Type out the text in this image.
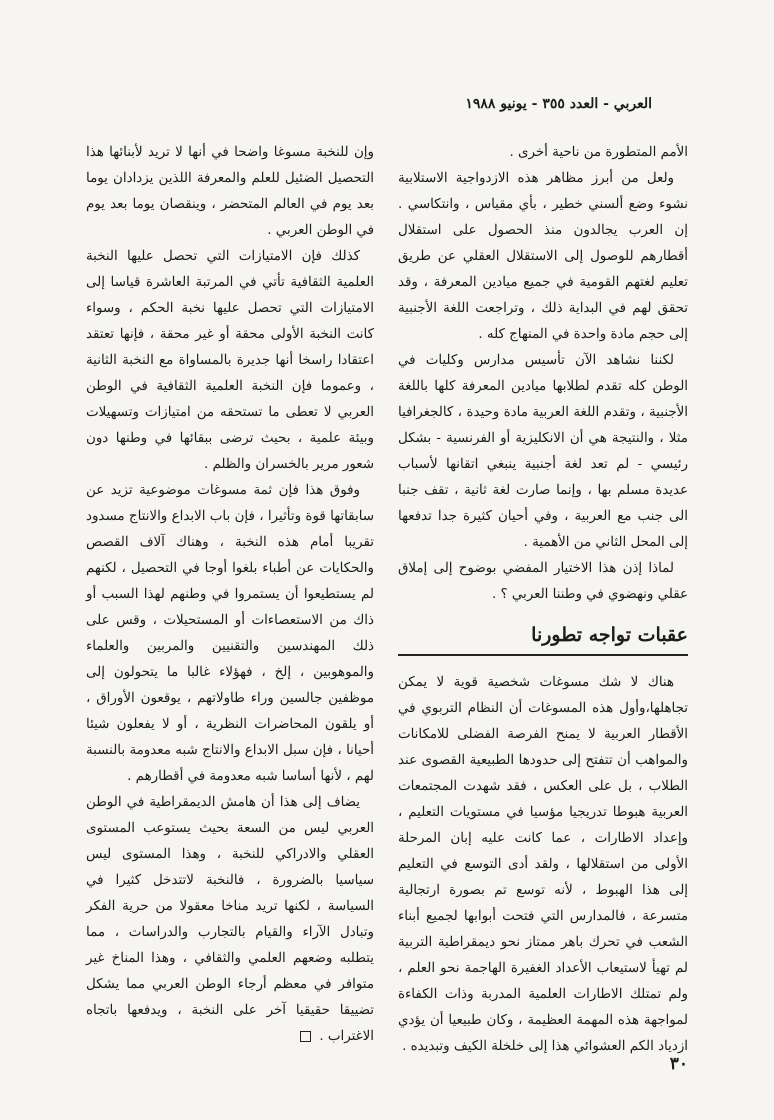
العربي - العدد ٣٥٥ - يونيو ١٩٨٨

الأمم المتطورة من ناحية أخرى .

ولعل من أبرز مظاهر هذه الازدواجية الاستلابية نشوء وضع ألسني خطير ، بأي مقياس ، وانتكاسي . إن العرب يجالدون منذ الحصول على استقلال أقطارهم للوصول إلى الاستقلال العقلي عن طريق تعليم لغتهم القومية في جميع ميادين المعرفة ، وقد تحقق لهم في البداية ذلك ، وتراجعت اللغة الأجنبية إلى حجم مادة واحدة في المنهاج كله .

لكننا نشاهد الآن تأسيس مدارس وكليات في الوطن كله تقدم لطلابها ميادين المعرفة كلها باللغة الأجنبية ، وتقدم اللغة العربية مادة وحيدة ، كالجغرافيا مثلا ، والنتيجة هي أن الانكليزية أو الفرنسية - بشكل رئيسي - لم تعد لغة أجنبية ينبغي اتقانها لأسباب عديدة مسلم بها ، وإنما صارت لغة ثانية ، تقف جنبا الى جنب مع العربية ، وفي أحيان كثيرة جدا تدفعها إلى المحل الثاني من الأهمية .

لماذا إذن هذا الاختيار المفضي بوضوح إلى إملاق عقلي ونهضوي في وطننا العربي ؟ .

عقبات تواجه تطورنا

هناك لا شك مسوغات شخصية قوية لا يمكن تجاهلها،وأول هذه المسوغات أن النظام التربوي في الأقطار العربية لا يمنح الفرصة الفضلى للامكانات والمواهب أن تتفتح إلى حدودها الطبيعية القصوى عند الطلاب ، بل على العكس ، فقد شهدت المجتمعات العربية هبوطا تدريجيا مؤسيا في مستويات التعليم ، وإعداد الاطارات ، عما كانت عليه إبان المرحلة الأولى من استقلالها ، ولقد أدى التوسع في التعليم إلى هذا الهبوط ، لأنه توسع تم بصورة ارتجالية متسرعة ، فالمدارس التي فتحت أبوابها لجميع أبناء الشعب في تحرك باهر ممتاز نحو ديمقراطية التربية لم تهيأ لاستيعاب الأعداد الغفيرة الهاجمة نحو العلم ، ولم تمتلك الاطارات العلمية المدربة وذات الكفاءة لمواجهة هذه المهمة العظيمة ، وكان طبيعيا أن يؤدي ازدياد الكم العشوائي هذا إلى خلخلة الكيف وتبديده .

وإن للنخبة مسوغا واضحا في أنها لا تريد لأبنائها هذا التحصيل الضئيل للعلم والمعرفة اللذين يزدادان يوما بعد يوم في العالم المتحضر ، وينقصان يوما بعد يوم في الوطن العربي .

كذلك فإن الامتيازات التي تحصل عليها النخبة العلمية الثقافية تأتي في المرتبة العاشرة قياسا إلى الامتيازات التي تحصل عليها نخبة الحكم ، وسواء كانت النخبة الأولى محقة أو غير محقة ، فإنها تعتقد اعتقادا راسخا أنها جديرة بالمساواة مع النخبة الثانية ، وعموما فإن النخبة العلمية الثقافية في الوطن العربي لا تعطى ما تستحقه من امتيازات وتسهيلات وبيئة علمية ، بحيث ترضى ببقائها في وطنها دون شعور مرير بالخسران والظلم .

وفوق هذا فإن ثمة مسوغات موضوعية تزيد عن سابقاتها قوة وتأثيرا ، فإن باب الابداع والانتاج مسدود تقريبا أمام هذه النخبة ، وهناك آلاف القصص والحكايات عن أطباء بلغوا أوجا في التحصيل ، لكنهم لم يستطيعوا أن يستمروا في وطنهم لهذا السبب أو ذاك من الاستعصاءات أو المستحيلات ، وقس على ذلك المهندسين والتقنيين والمربين والعلماء والموهوبين ، إلخ ، فهؤلاء غالبا ما يتحولون إلى موظفين جالسين وراء طاولاتهم ، يوقعون الأوراق ، أو يلقون المحاضرات النظرية ، أو لا يفعلون شيئا أحيانا ، فإن سبل الابداع والانتاج شبه معدومة بالنسبة لهم ، لأنها أساسا شبه معدومة في أقطارهم .

يضاف إلى هذا أن هامش الديمقراطية في الوطن العربي ليس من السعة بحيث يستوعب المستوى العقلي والادراكي للنخبة ، وهذا المستوى ليس سياسيا بالضرورة ، فالنخبة لاتتدخل كثيرا في السياسة ، لكنها تريد مناخا معقولا من حرية الفكر وتبادل الآراء والقيام بالتجارب والدراسات ، مما يتطلبه وضعهم العلمي والثقافي ، وهذا المناخ غير متوافر في معظم أرجاء الوطن العربي مما يشكل تضييقا حقيقيا آخر على النخبة ، ويدفعها باتجاه الاغتراب .

٣٠
